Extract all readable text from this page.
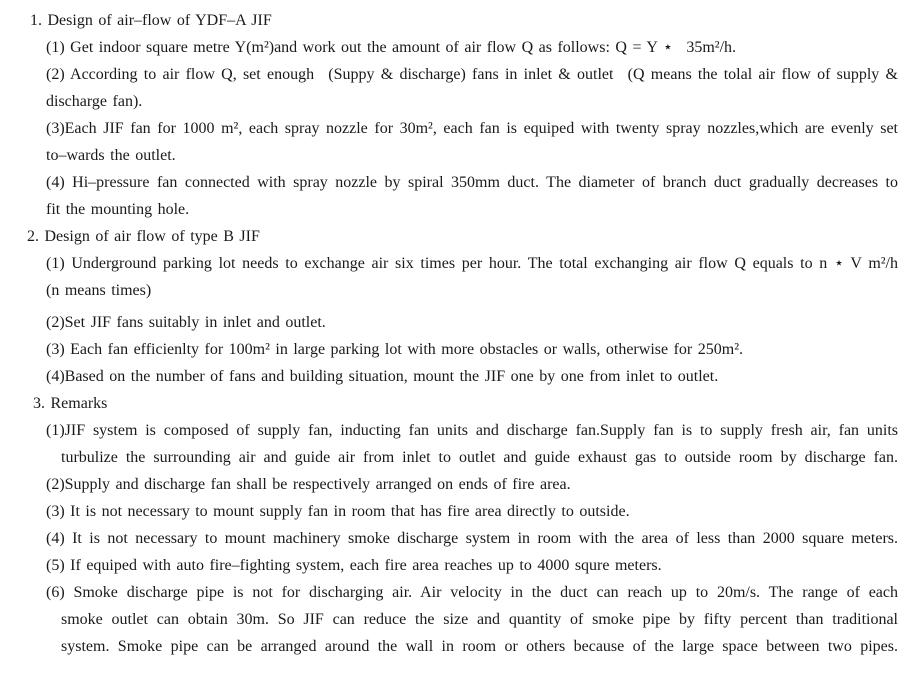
1. Design of air–flow of YDF–A JIF
(1) Get indoor square metre Y(m²)and work out the amount of air flow Q as follows: Q = Y ⋆  35m²/h.
(2) According to air flow Q, set enough  (Suppy & discharge) fans in inlet & outlet  (Q means the tolal air flow of supply &
discharge fan).
(3)Each JIF fan for 1000 m², each spray nozzle for 30m², each fan is equiped with twenty spray nozzles,which are evenly set
to–wards the outlet.
(4) Hi–pressure fan connected with spray nozzle by spiral 350mm duct. The diameter of branch duct gradually decreases to
fit the mounting hole.
2. Design of air flow of type B JIF
(1) Underground parking lot needs to exchange air six times per hour. The total exchanging air flow Q equals to n ⋆ V m²/h
(n means times)
(2)Set JIF fans suitably in inlet and outlet.
(3) Each fan efficienlty for 100m² in large parking lot with more obstacles or walls, otherwise for 250m².
(4)Based on the number of fans and building situation, mount the JIF one by one from inlet to outlet.
3. Remarks
(1)JIF system is composed of supply fan, inducting fan units and discharge fan.Supply fan is to supply fresh air, fan units
turbulize the surrounding air and guide air from inlet to outlet and guide exhaust gas to outside room by discharge fan.
(2)Supply and discharge fan shall be respectively arranged on ends of fire area.
(3) It is not necessary to mount supply fan in room that has fire area directly to outside.
(4) It is not necessary to mount machinery smoke discharge system in room with the area of less than 2000 square meters.
(5) If equiped with auto fire–fighting system, each fire area reaches up to 4000 squre meters.
(6) Smoke discharge pipe is not for discharging air. Air velocity in the duct can reach up to 20m/s. The range of each
smoke outlet can obtain 30m. So JIF can reduce the size and quantity of smoke pipe by fifty percent than traditional
system. Smoke pipe can be arranged around the wall in room or others because of the large space between two pipes.
